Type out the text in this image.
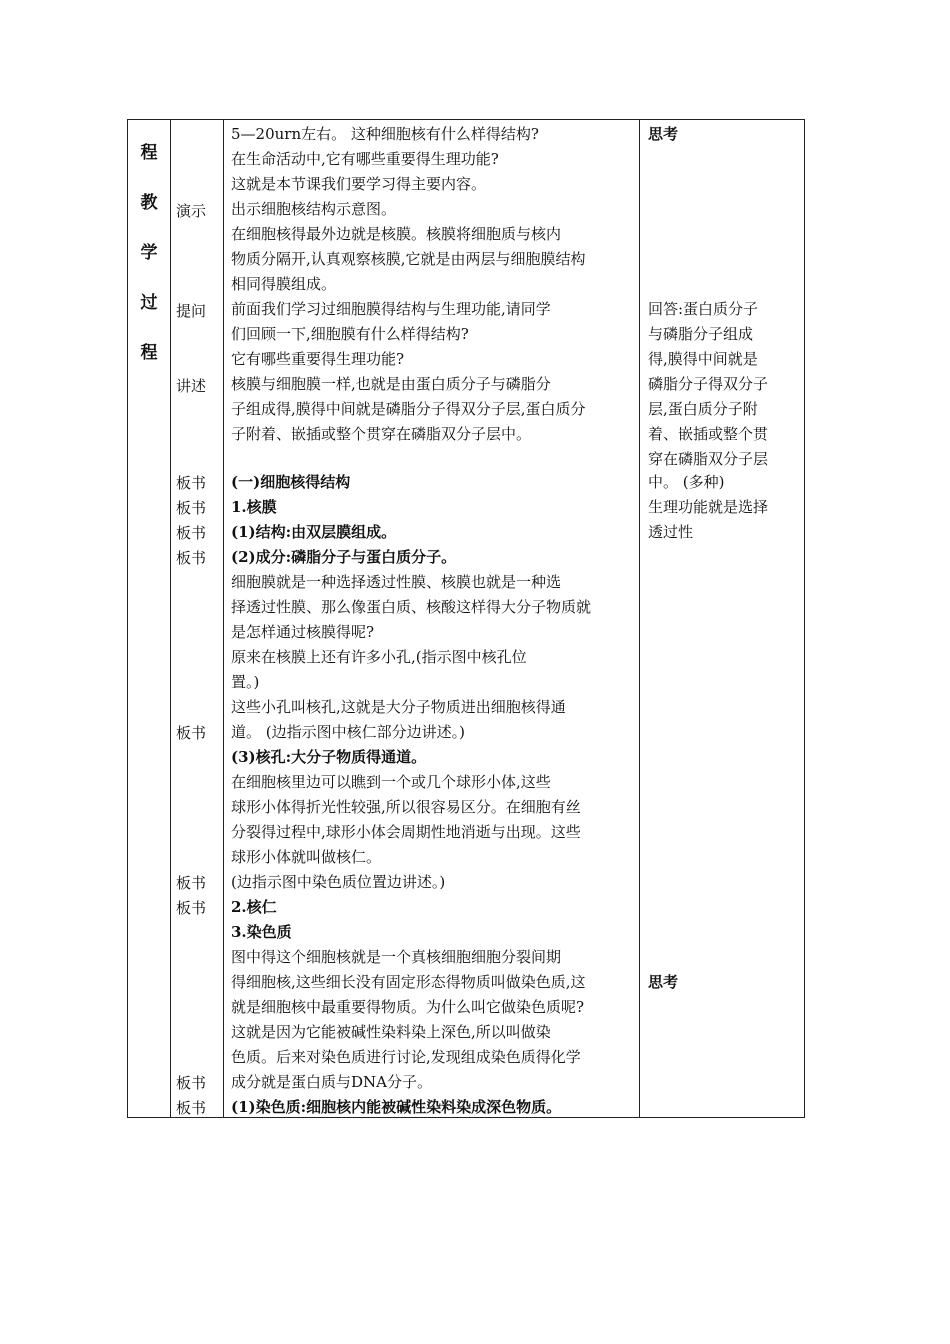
程
教
学
过
程
演示
提问
讲述
板书
板书
板书
板书
板书
板书
板书
板书
板书
5—20urn左右。 这种细胞核有什么样得结构?
在生命活动中,它有哪些重要得生理功能?
这就是本节课我们要学习得主要内容。
出示细胞核结构示意图。
在细胞核得最外边就是核膜。核膜将细胞质与核内
物质分隔开,认真观察核膜,它就是由两层与细胞膜结构
相同得膜组成。
前面我们学习过细胞膜得结构与生理功能,请同学
们回顾一下,细胞膜有什么样得结构?
它有哪些重要得生理功能?
核膜与细胞膜一样,也就是由蛋白质分子与磷脂分
子组成得,膜得中间就是磷脂分子得双分子层,蛋白质分
子附着、嵌插或整个贯穿在磷脂双分子层中。
(一)细胞核得结构
1.核膜
(1)结构:由双层膜组成。
(2)成分:磷脂分子与蛋白质分子。
细胞膜就是一种选择透过性膜、核膜也就是一种选
择透过性膜、那么像蛋白质、核酸这样得大分子物质就
是怎样通过核膜得呢?
原来在核膜上还有许多小孔,(指示图中核孔位
置。)
这些小孔叫核孔,这就是大分子物质进出细胞核得通
道。 (边指示图中核仁部分边讲述。)
(3)核孔:大分子物质得通道。
在细胞核里边可以瞧到一个或几个球形小体,这些
球形小体得折光性较强,所以很容易区分。在细胞有丝
分裂得过程中,球形小体会周期性地消逝与出现。这些
球形小体就叫做核仁。
(边指示图中染色质位置边讲述。)
2.核仁
3.染色质
图中得这个细胞核就是一个真核细胞细胞分裂间期
得细胞核,这些细长没有固定形态得物质叫做染色质,这
就是细胞核中最重要得物质。为什么叫它做染色质呢?
这就是因为它能被碱性染料染上深色,所以叫做染
色质。后来对染色质进行讨论,发现组成染色质得化学
成分就是蛋白质与DNA分子。
(1)染色质:细胞核内能被碱性染料染成深色物质。
思考
回答:蛋白质分子
与磷脂分子组成
得,膜得中间就是
磷脂分子得双分子
层,蛋白质分子附
着、嵌插或整个贯
穿在磷脂双分子层
中。 (多种)
生理功能就是选择
透过性
思考
